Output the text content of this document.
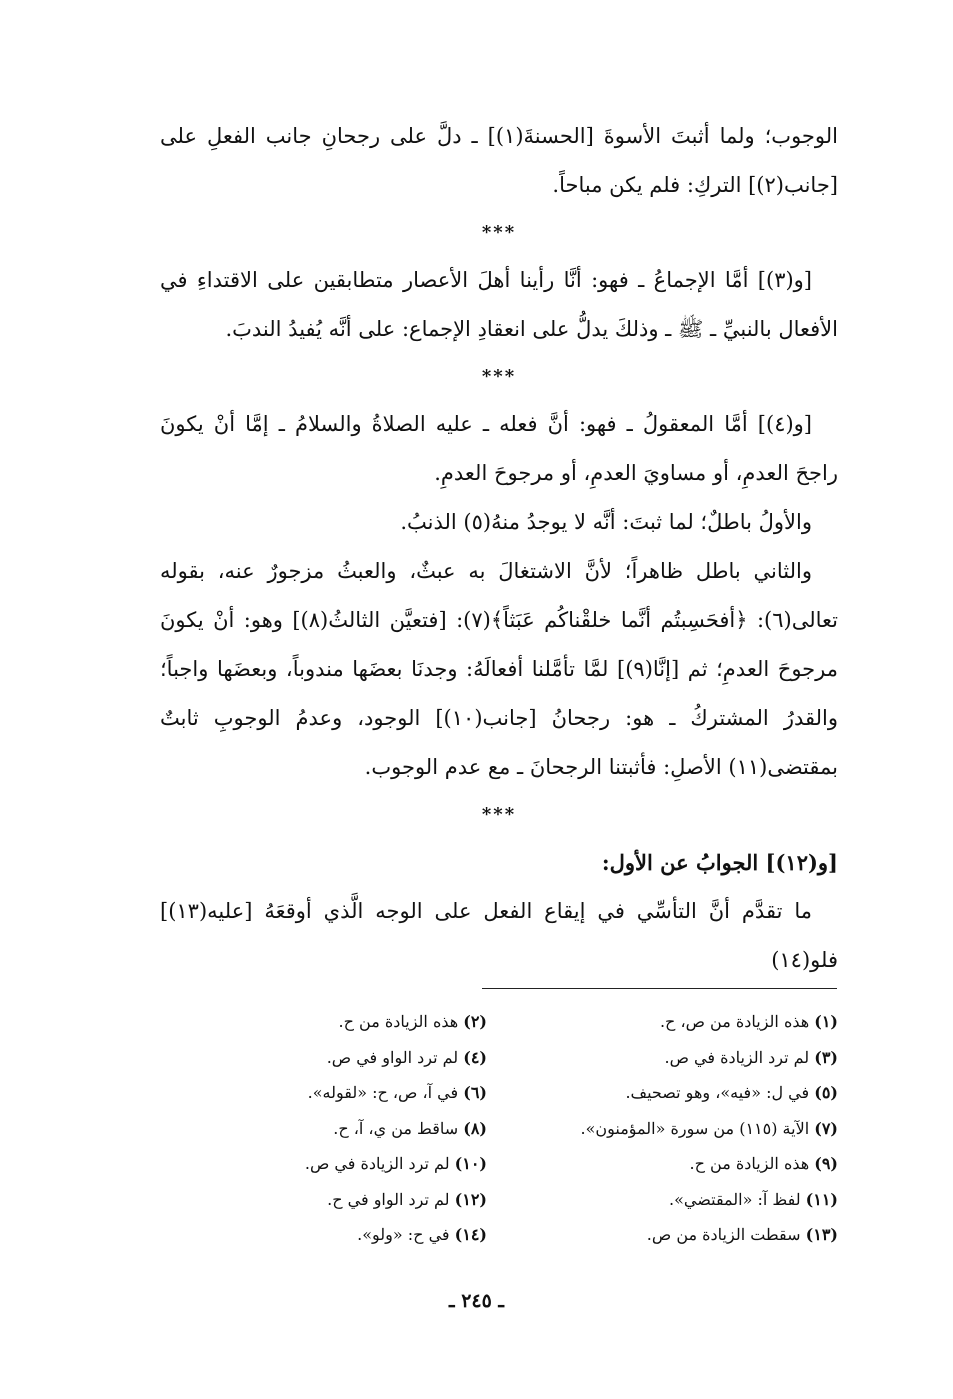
الوجوب؛ ولما أثبتَ الأسوةَ [الحسنةَ(١)] ـ دلَّ على رجحانِ جانب الفعلِ على [جانب(٢)] التركِ: فلم يكن مباحاً.

***

[و(٣)] أمَّا الإجماعُ ـ فهو: أنَّا رأينا أهلَ الأعصار متطابقين على الاقتداءِ في الأفعال بالنبيِّ ـ ﷺ ـ وذلكَ يدلُّ على انعقادِ الإجماع: على أنَّه يُفيدُ الندبَ.

***

[و(٤)] أمَّا المعقولُ ـ فهو: أنَّ فعله ـ عليه الصلاةُ والسلامُ ـ إمَّا أنْ يكونَ راجحَ العدمِ، أو مساويَ العدمِ، أو مرجوحَ العدمِ.

والأولُ باطلٌ؛ لما ثبتَ: أنَّه لا يوجدُ منهُ(٥) الذنبُ.

والثاني باطل ظاهراً؛ لأنَّ الاشتغالَ به عبثٌ، والعبثُ مزجورٌ عنه، بقوله تعالى(٦): ﴿أفحَسِبتُم أنَّما خلقْناكُم عَبَثاً﴾(٧): [فتعيَّن الثالثُ(٨)] وهو: أنْ يكونَ مرجوحَ العدمِ؛ ثم [إنَّا(٩)] لمَّا تأمَّلنا أفعالَهُ: وجدنَا بعضَها مندوباً، وبعضَها واجباً؛ والقدرُ المشتركُ ـ هو: رجحانُ [جانب(١٠)] الوجود، وعدمُ الوجوبِ ثابتٌ بمقتضى(١١) الأصلِ: فأثبتنا الرجحانَ ـ مع عدم الوجوب.

***

[و(١٢)] الجوابُ عن الأول:

ما تقدَّم أنَّ التأسِّي في إيقاع الفعل على الوجه الَّذي أوقعَهُ [عليه(١٣)] فلو(١٤)

(١) هذه الزيادة من ص، ح.
(٢) هذه الزيادة من ح.
(٣) لم ترد الزيادة في ص.
(٤) لم ترد الواو في ص.
(٥) في ل: «فيه»، وهو تصحيف.
(٦) في آ، ص، ح: «لقوله».
(٧) الآية (١١٥) من سورة «المؤمنون».
(٨) ساقط من ي، آ، ح.
(٩) هذه الزيادة من ح.
(١٠) لم ترد الزيادة في ص.
(١١) لفظ آ: «المقتضي».
(١٢) لم ترد الواو في ح.
(١٣) سقطت الزيادة من ص.
(١٤) في ح: «ولو».
ـ ٢٤٥ ـ
